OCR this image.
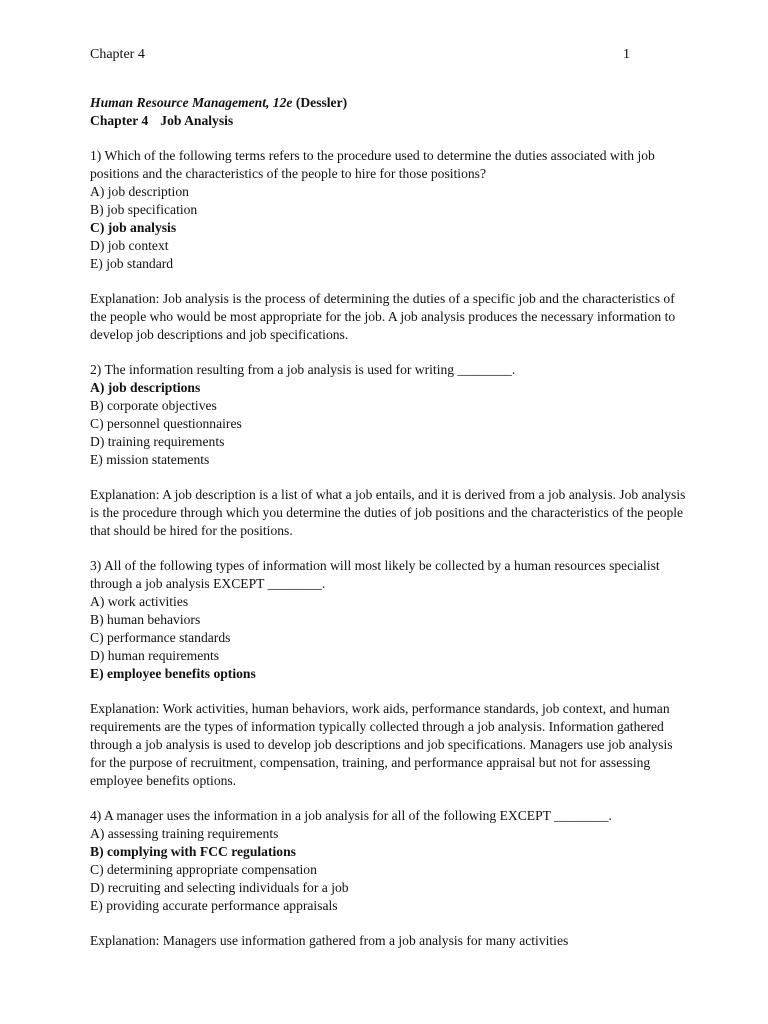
Chapter 4	1

Human Resource Management, 12e (Dessler)

Chapter 4 Job Analysis

1) Which of the following terms refers to the procedure used to determine the duties associated with job positions and the characteristics of the people to hire for those positions?

A) job description

B) job specification

C) job analysis

D) job context

E) job standard

Explanation: Job analysis is the process of determining the duties of a specific job and the characteristics of the people who would be most appropriate for the job. A job analysis produces the necessary information to develop job descriptions and job specifications.

2) The information resulting from a job analysis is used for writing ________.

A) job descriptions

B) corporate objectives

C) personnel questionnaires

D) training requirements

E) mission statements

Explanation: A job description is a list of what a job entails, and it is derived from a job analysis. Job analysis is the procedure through which you determine the duties of job positions and the characteristics of the people that should be hired for the positions.

3) All of the following types of information will most likely be collected by a human resources specialist through a job analysis EXCEPT ________.

A) work activities

B) human behaviors

C) performance standards

D) human requirements

E) employee benefits options

Explanation: Work activities, human behaviors, work aids, performance standards, job context, and human requirements are the types of information typically collected through a job analysis. Information gathered through a job analysis is used to develop job descriptions and job specifications. Managers use job analysis for the purpose of recruitment, compensation, training, and performance appraisal but not for assessing employee benefits options.

4) A manager uses the information in a job analysis for all of the following EXCEPT ________.

A) assessing training requirements

B) complying with FCC regulations

C) determining appropriate compensation

D) recruiting and selecting individuals for a job

E) providing accurate performance appraisals

Explanation: Managers use information gathered from a job analysis for many activities
